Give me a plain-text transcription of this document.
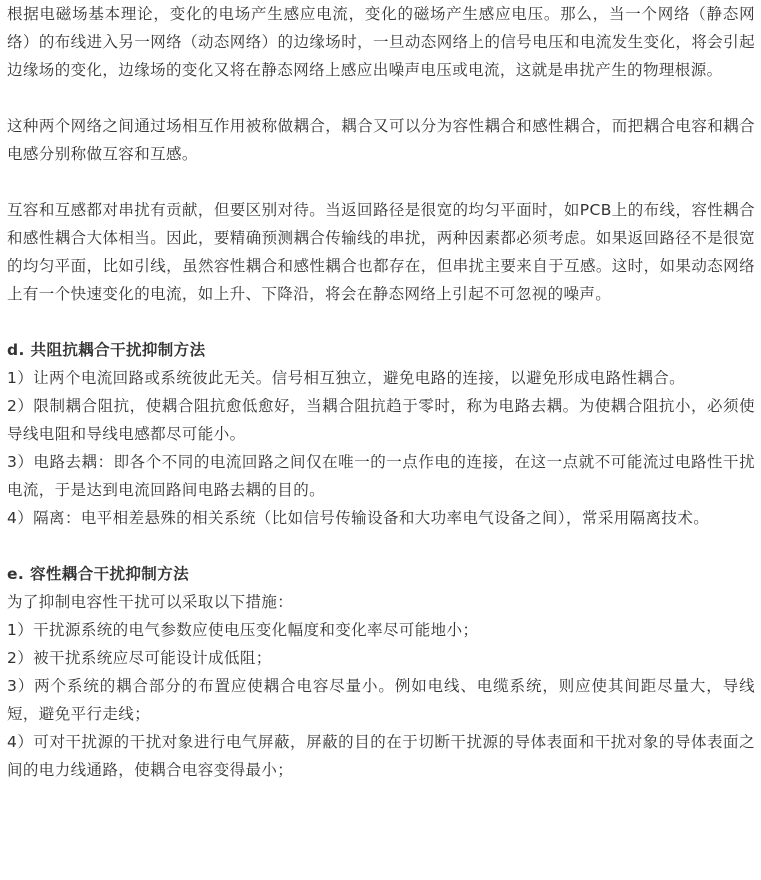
根据电磁场基本理论，变化的电场产生感应电流，变化的磁场产生感应电压。那么，当一个网络（静态网络）的布线进入另一网络（动态网络）的边缘场时，一旦动态网络上的信号电压和电流发生变化，将会引起边缘场的变化，边缘场的变化又将在静态网络上感应出噪声电压或电流，这就是串扰产生的物理根源。

这种两个网络之间通过场相互作用被称做耦合，耦合又可以分为容性耦合和感性耦合，而把耦合电容和耦合电感分别称做互容和互感。

互容和互感都对串扰有贡献，但要区别对待。当返回路径是很宽的均匀平面时，如PCB上的布线，容性耦合和感性耦合大体相当。因此，要精确预测耦合传输线的串扰，两种因素都必须考虑。如果返回路径不是很宽的均匀平面，比如引线，虽然容性耦合和感性耦合也都存在，但串扰主要来自于互感。这时，如果动态网络上有一个快速变化的电流，如上升、下降沿，将会在静态网络上引起不可忽视的噪声。

d. 共阻抗耦合干扰抑制方法

1）让两个电流回路或系统彼此无关。信号相互独立，避免电路的连接，以避免形成电路性耦合。

2）限制耦合阻抗，使耦合阻抗愈低愈好，当耦合阻抗趋于零时，称为电路去耦。为使耦合阻抗小，必须使导线电阻和导线电感都尽可能小。

3）电路去耦：即各个不同的电流回路之间仅在唯一的一点作电的连接，在这一点就不可能流过电路性干扰电流，于是达到电流回路间电路去耦的目的。

4）隔离：电平相差悬殊的相关系统（比如信号传输设备和大功率电气设备之间），常采用隔离技术。

e. 容性耦合干扰抑制方法

为了抑制电容性干扰可以采取以下措施：

1）干扰源系统的电气参数应使电压变化幅度和变化率尽可能地小；

2）被干扰系统应尽可能设计成低阻；

3）两个系统的耦合部分的布置应使耦合电容尽量小。例如电线、电缆系统，则应使其间距尽量大，导线短，避免平行走线；

4）可对干扰源的干扰对象进行电气屏蔽，屏蔽的目的在于切断干扰源的导体表面和干扰对象的导体表面之间的电力线通路，使耦合电容变得最小；
